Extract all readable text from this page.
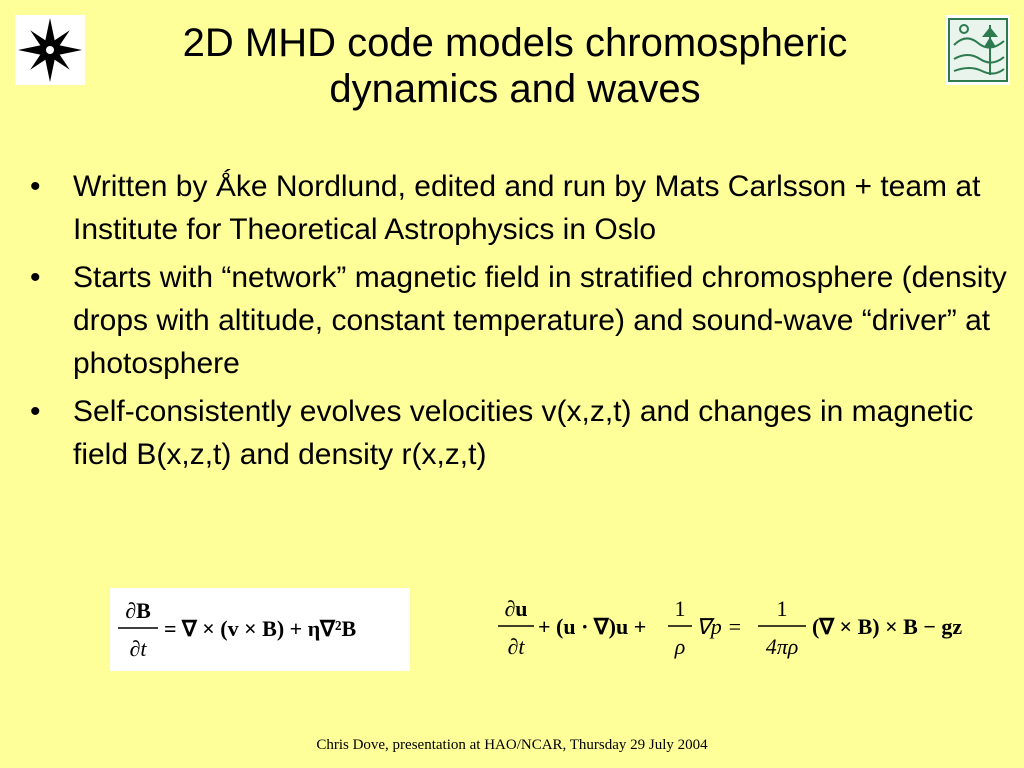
2D MHD code models chromospheric
dynamics and waves
• Written by Ǻke Nordlund, edited and run by Mats Carlsson + team at Institute for Theoretical Astrophysics in Oslo
• Starts with “network” magnetic field in stratified chromosphere (density drops with altitude, constant temperature) and sound-wave “driver” at photosphere
• Self-consistently evolves velocities v(x,z,t) and changes in magnetic field B(x,z,t) and density r(x,z,t)
∂B
∂t
= ∇ × (v × B) + η∇²B
∂u
∂t
+ (u · ∇)u +
1
ρ
∇p =
1
4πρ
(∇ × B) × B − gz
Chris Dove, presentation at HAO/NCAR, Thursday 29 July 2004
